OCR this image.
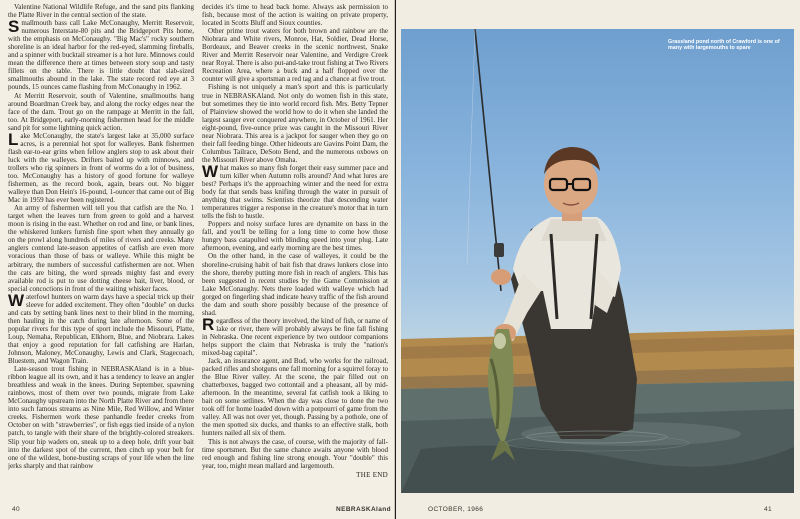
Valentine National Wildlife Refuge, and the sand pits flanking the Platte River in the central section of the state.

Smallmouth bass call Lake McConaughy, Merritt Reservoir, numerous Interstate-80 pits and the Bridgeport Pits home, with the emphasis on McConaughy. "Big Mac's" rocky southern shoreline is an ideal harbor for the red-eyed, slamming fireballs, and a spinner with bucktail streamer is a hot lure. Minnows could mean the difference there at times between story soup and tasty fillets on the table. There is little doubt that slab-sized smallmouths abound in the lake. The state record red eye at 3 pounds, 15 ounces came flashing from McConaughy in 1962.

At Merritt Reservoir, south of Valentine, smallmouths hang around Boardman Creek bay, and along the rocky edges near the face of the dam. Trout go on the rampage at Merritt in the fall, too. At Bridgeport, early-morning fishermen head for the middle sand pit for some lightning quick action.

Lake McConaughy, the state's largest lake at 35,000 surface acres, is a perennial hot spot for walleyes. Bank fishermen flash ear-to-ear grins when fellow anglers stop to ask about their luck with the walleyes. Drifters baited up with minnows, and trollers who rig spinners in front of worms do a lot of business, too. McConaughy has a history of good fortune for walleye fishermen, as the record book, again, bears out. No bigger walleye than Don Hein's 16-pound, 1-ouncer that came out of Big Mac in 1959 has ever been registered.

An army of fishermen will tell you that catfish are the No. 1 target when the leaves turn from green to gold and a harvest moon is rising in the east. Whether on rod and line, or bank lines, the whiskered lunkers furnish fine sport when they annually go on the prowl along hundreds of miles of rivers and creeks. Many anglers contend late-season appetites of catfish are even more voracious than those of bass or walleye. While this might be arbitrary, the numbers of successful catfishermen are not. When the cats are biting, the word spreads mighty fast and every available rod is put to use dotting cheese bait, liver, blood, or special concoctions in front of the waiting whisker faces.

Waterfowl hunters on warm days have a special trick up their sleeve for added excitement. They often "double" on ducks and cats by setting bank lines next to their blind in the morning, then hauling in the catch during late afternoon. Some of the popular rivers for this type of sport include the Missouri, Platte, Loup, Nemaha, Republican, Elkhorn, Blue, and Niobrara. Lakes that enjoy a good reputation for fall catfishing are Harlan, Johnson, Maloney, McConaughy, Lewis and Clark, Stagecoach, Bluestem, and Wagon Train.

Late-season trout fishing in NEBRASKAland is in a blue-ribbon league all its own, and it has a tendency to leave an angler breathless and weak in the knees. During September, spawning rainbows, most of them over two pounds, migrate from Lake McConaughy upstream into the North Platte River and from there into such famous streams as Nine Mile, Red Willow, and Winter creeks. Fishermen work these panhandle feeder creeks from October on with "strawberries", or fish eggs tied inside of a nylon patch, to tangle with their share of the brightly-colored streakers. Slip your hip waders on, sneak up to a deep hole, drift your bait into the darkest spot of the current, then cinch up your belt for one of the wildest, bone-busting scraps of your life when the line jerks sharply and that rainbow

decides it's time to head back home. Always ask permission to fish, because most of the action is waiting on private property, located in Scotts Bluff and Sioux counties.

Other prime trout waters for both brown and rainbow are the Niobrara and White rivers, Monroe, Hat, Soldier, Dead Horse, Bordeaux, and Beaver creeks in the scenic northwest, Snake River and Merritt Reservoir near Valentine, and Verdigre Creek near Royal. There is also put-and-take trout fishing at Two Rivers Recreation Area, where a buck and a half flopped over the counter will give a sportsman a red tag and a chance at five trout.

Fishing is not uniquely a man's sport and this is particularly true in NEBRASKAland. Not only do women fish in this state, but sometimes they tie into world record fish. Mrs. Betty Tepner of Plainview showed the world how to do it when she landed the largest sauger ever conquered anywhere, in October of 1961. Her eight-pound, five-ounce prize was caught in the Missouri River near Niobrara. This area is a jackpot for sauger when they go on their fall feeding binge. Other hideouts are Gavins Point Dam, the Columbus Tailrace, DeSoto Bend, and the numerous oxbows on the Missouri River above Omaha.

What makes so many fish forget their easy summer pace and turn killer when Autumn rolls around? And what lures are best? Perhaps it's the approaching winter and the need for extra body fat that sends bass knifing through the water in pursuit of anything that swims. Scientists theorize that descending water temperatures trigger a response in the creature's motor that in turn tells the fish to hustle.

Poppers and noisy surface lures are dynamite on bass in the fall, and you'll be telling for a long time to come how those hungry bass catapulted with blinding speed into your plug. Late afternoon, evening, and early morning are the best times.

On the other hand, in the case of walleyes, it could be the shoreline-cruising habit of bait fish that draws lunkers close into the shore, thereby putting more fish in reach of anglers. This has been suggested in recent studies by the Game Commission at Lake McConaughy. Nets there loaded with walleye which had gorged on fingerling shad indicate heavy traffic of the fish around the dam and south shore possibly because of the presence of shad.

Regardless of the theory involved, the kind of fish, or name of lake or river, there will probably always be fine fall fishing in Nebraska. One recent experience by two outdoor companions helps support the claim that Nebraska is truly the "nation's mixed-bag capital".

Jack, an insurance agent, and Bud, who works for the railroad, packed rifles and shotguns one fall morning for a squirrel foray to the Blue River valley. At the scene, the pair filled out on chatterboxes, bagged two cottontail and a pheasant, all by mid-afternoon. In the meantime, several fat catfish took a liking to bait on some setlines. When the day was close to done the two took off for home loaded down with a potpourri of game from the valley. All was not over yet, though. Passing by a pothole, one of the men spotted six ducks, and thanks to an effective stalk, both hunters nailed all six of them.

This is not always the case, of course, with the majority of fall-time sportsmen. But the same chance awaits anyone with blood red enough and fishing line strong enough. Your "double" this year, too, might mean mallard and largemouth.

THE END
40	NEBRASKAland
Grassland pond north of Crawford is one of many with largemouths to spare
OCTOBER, 1966	41
